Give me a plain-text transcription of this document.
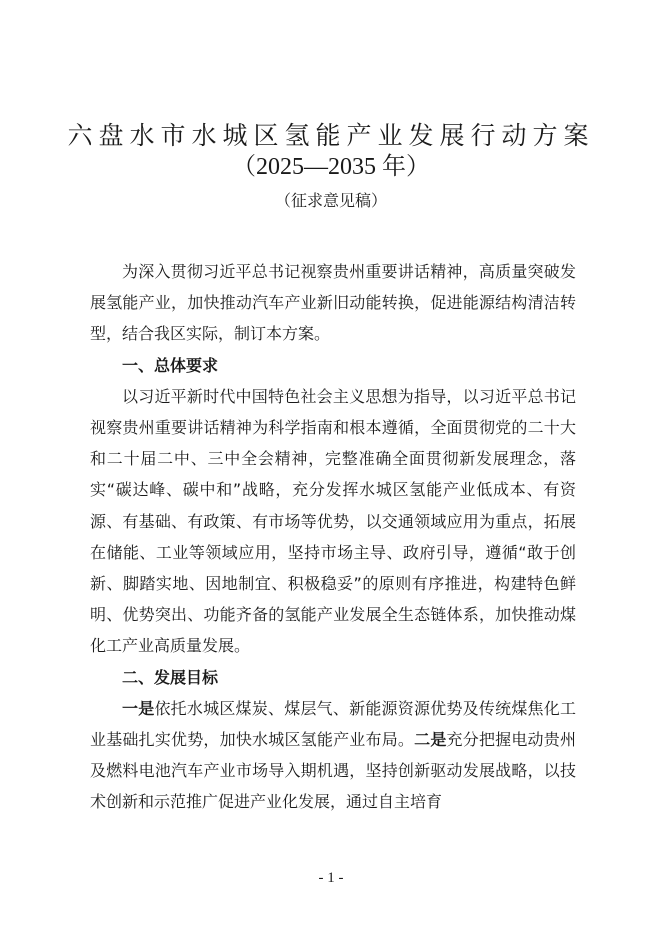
六盘水市水城区氢能产业发展行动方案
（2025—2035 年）
（征求意见稿）

为深入贯彻习近平总书记视察贵州重要讲话精神，高质量突破发展氢能产业，加快推动汽车产业新旧动能转换，促进能源结构清洁转型，结合我区实际，制订本方案。

一、总体要求

以习近平新时代中国特色社会主义思想为指导，以习近平总书记视察贵州重要讲话精神为科学指南和根本遵循，全面贯彻党的二十大和二十届二中、三中全会精神，完整准确全面贯彻新发展理念，落实“碳达峰、碳中和”战略，充分发挥水城区氢能产业低成本、有资源、有基础、有政策、有市场等优势，以交通领域应用为重点，拓展在储能、工业等领域应用，坚持市场主导、政府引导，遵循“敢于创新、脚踏实地、因地制宜、积极稳妥”的原则有序推进，构建特色鲜明、优势突出、功能齐备的氢能产业发展全生态链体系，加快推动煤化工产业高质量发展。

二、发展目标

一是依托水城区煤炭、煤层气、新能源资源优势及传统煤焦化工业基础扎实优势，加快水城区氢能产业布局。二是充分把握电动贵州及燃料电池汽车产业市场导入期机遇，坚持创新驱动发展战略，以技术创新和示范推广促进产业化发展，通过自主培育

- 1 -
